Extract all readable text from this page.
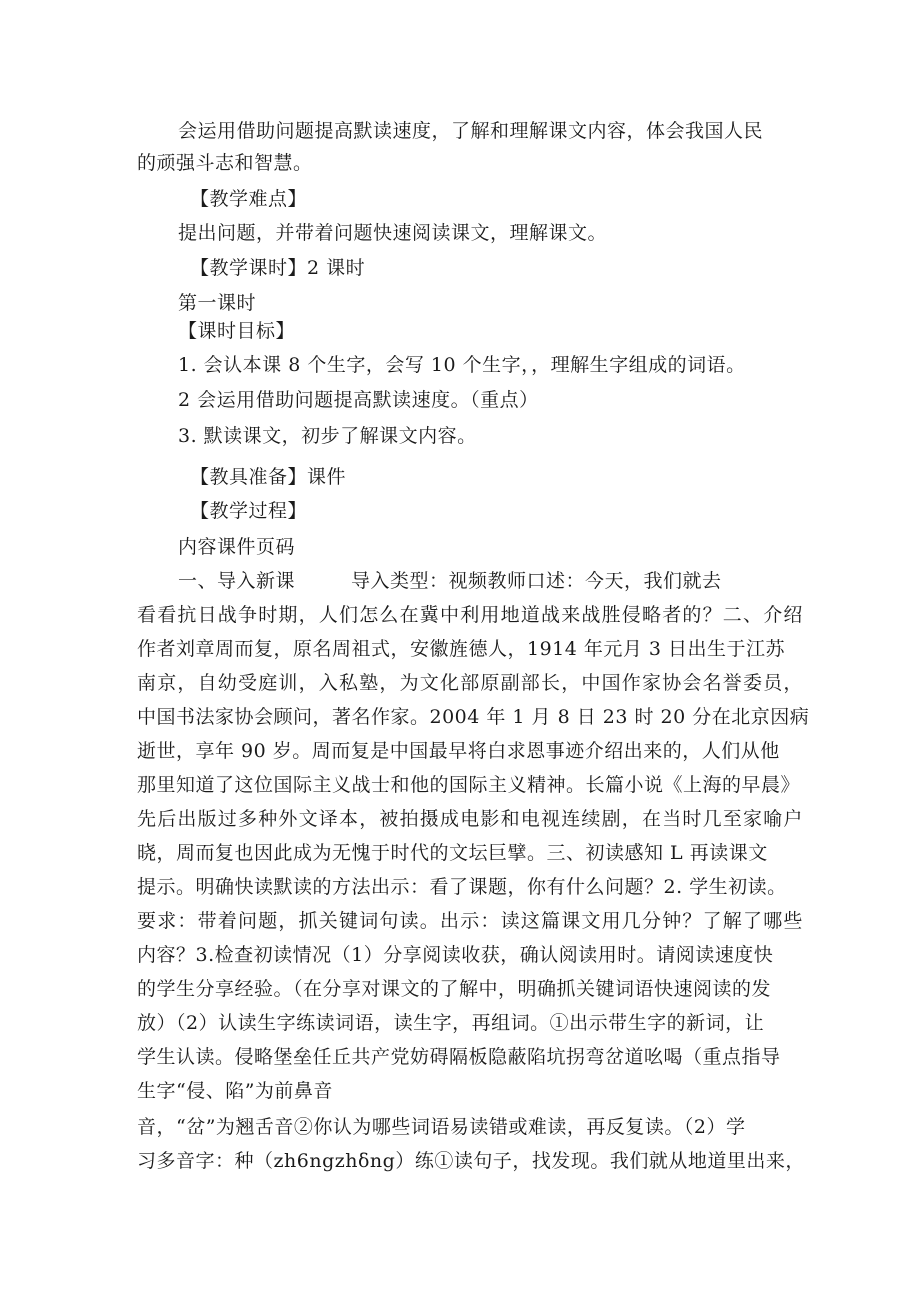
会运用借助问题提高默读速度，了解和理解课文内容，体会我国人民
的顽强斗志和智慧。
【教学难点】
提出问题，并带着问题快速阅读课文，理解课文。
【教学课时】2 课时
第一课时
【课时目标】
1. 会认本课 8 个生字，会写 10 个生字，，理解生字组成的词语。
2 会运用借助问题提高默读速度。（重点）
3. 默读课文，初步了解课文内容。
【教具准备】课件
【教学过程】
内容课件页码
一、导入新课	导入类型：视频教师口述：今天，我们就去
看看抗日战争时期，人们怎么在冀中利用地道战来战胜侵略者的？二、介绍
作者刘章周而复，原名周祖式，安徽旌德人，1914 年元月 3 日出生于江苏
南京，自幼受庭训，入私塾，为文化部原副部长，中国作家协会名誉委员，
中国书法家协会顾问，著名作家。2004 年 1 月 8 日 23 时 20 分在北京因病
逝世，享年 90 岁。周而复是中国最早将白求恩事迹介绍出来的，人们从他
那里知道了这位国际主义战士和他的国际主义精神。长篇小说《上海的早晨》
先后出版过多种外文译本，被拍摄成电影和电视连续剧，在当时几至家喻户
晓，周而复也因此成为无愧于时代的文坛巨擘。三、初读感知 L 再读课文
提示。明确快读默读的方法出示：看了课题，你有什么问题？2. 学生初读。
要求：带着问题，抓关键词句读。出示：读这篇课文用几分钟？了解了哪些
内容？3.检查初读情况（1）分享阅读收获，确认阅读用时。请阅读速度快
的学生分享经验。（在分享对课文的了解中，明确抓关键词语快速阅读的发
放）（2）认读生字练读词语，读生字，再组词。①出示带生字的新词，让
学生认读。侵略堡垒任丘共产党妨碍隔板隐蔽陷坑拐弯岔道吆喝（重点指导
生字“侵、陷”为前鼻音
音，“岔”为翘舌音②你认为哪些词语易读错或难读，再反复读。（2）学
习多音字：种（zh6ngzhδng）练①读句子，找发现。我们就从地道里出来，
